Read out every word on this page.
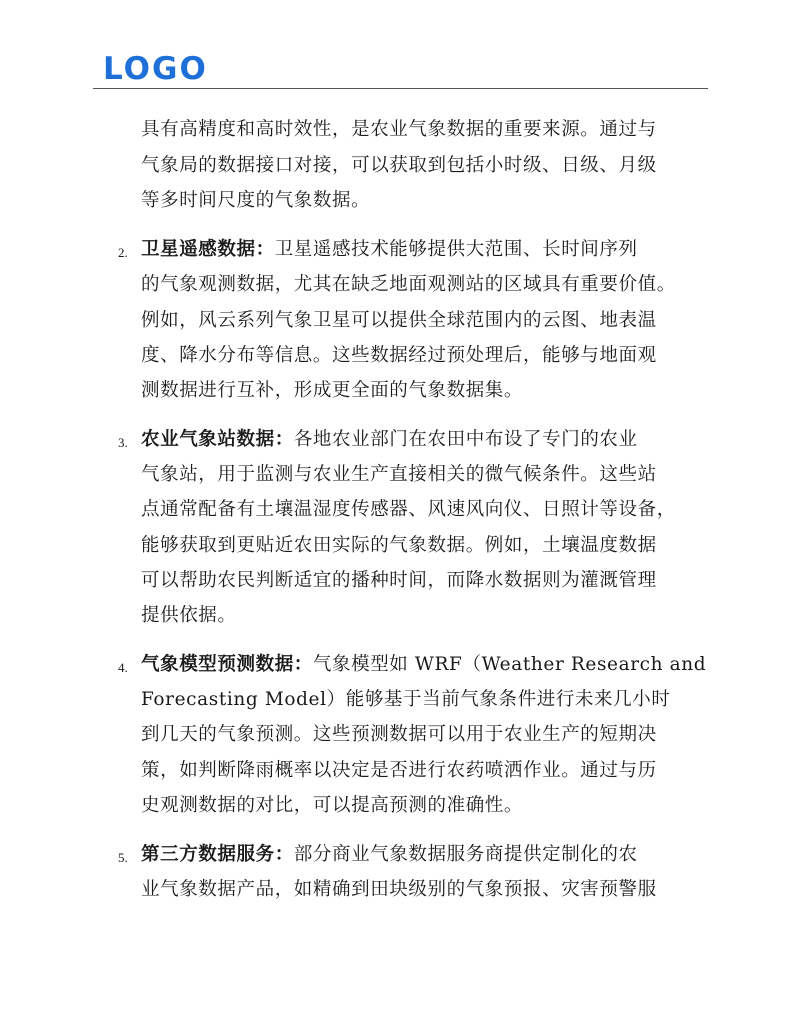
LOGO

具有高精度和高时效性，是农业气象数据的重要来源。通过与

气象局的数据接口对接，可以获取到包括小时级、日级、月级

等多时间尺度的气象数据。

2. 卫星遥感数据：卫星遥感技术能够提供大范围、长时间序列

的气象观测数据，尤其在缺乏地面观测站的区域具有重要价值。

例如，风云系列气象卫星可以提供全球范围内的云图、地表温

度、降水分布等信息。这些数据经过预处理后，能够与地面观

测数据进行互补，形成更全面的气象数据集。

3. 农业气象站数据：各地农业部门在农田中布设了专门的农业

气象站，用于监测与农业生产直接相关的微气候条件。这些站

点通常配备有土壤温湿度传感器、风速风向仪、日照计等设备，

能够获取到更贴近农田实际的气象数据。例如，土壤温度数据

可以帮助农民判断适宜的播种时间，而降水数据则为灌溉管理

提供依据。

4. 气象模型预测数据：气象模型如 WRF（Weather Research and

Forecasting Model）能够基于当前气象条件进行未来几小时

到几天的气象预测。这些预测数据可以用于农业生产的短期决

策，如判断降雨概率以决定是否进行农药喷洒作业。通过与历

史观测数据的对比，可以提高预测的准确性。

5. 第三方数据服务：部分商业气象数据服务商提供定制化的农

业气象数据产品，如精确到田块级别的气象预报、灾害预警服
